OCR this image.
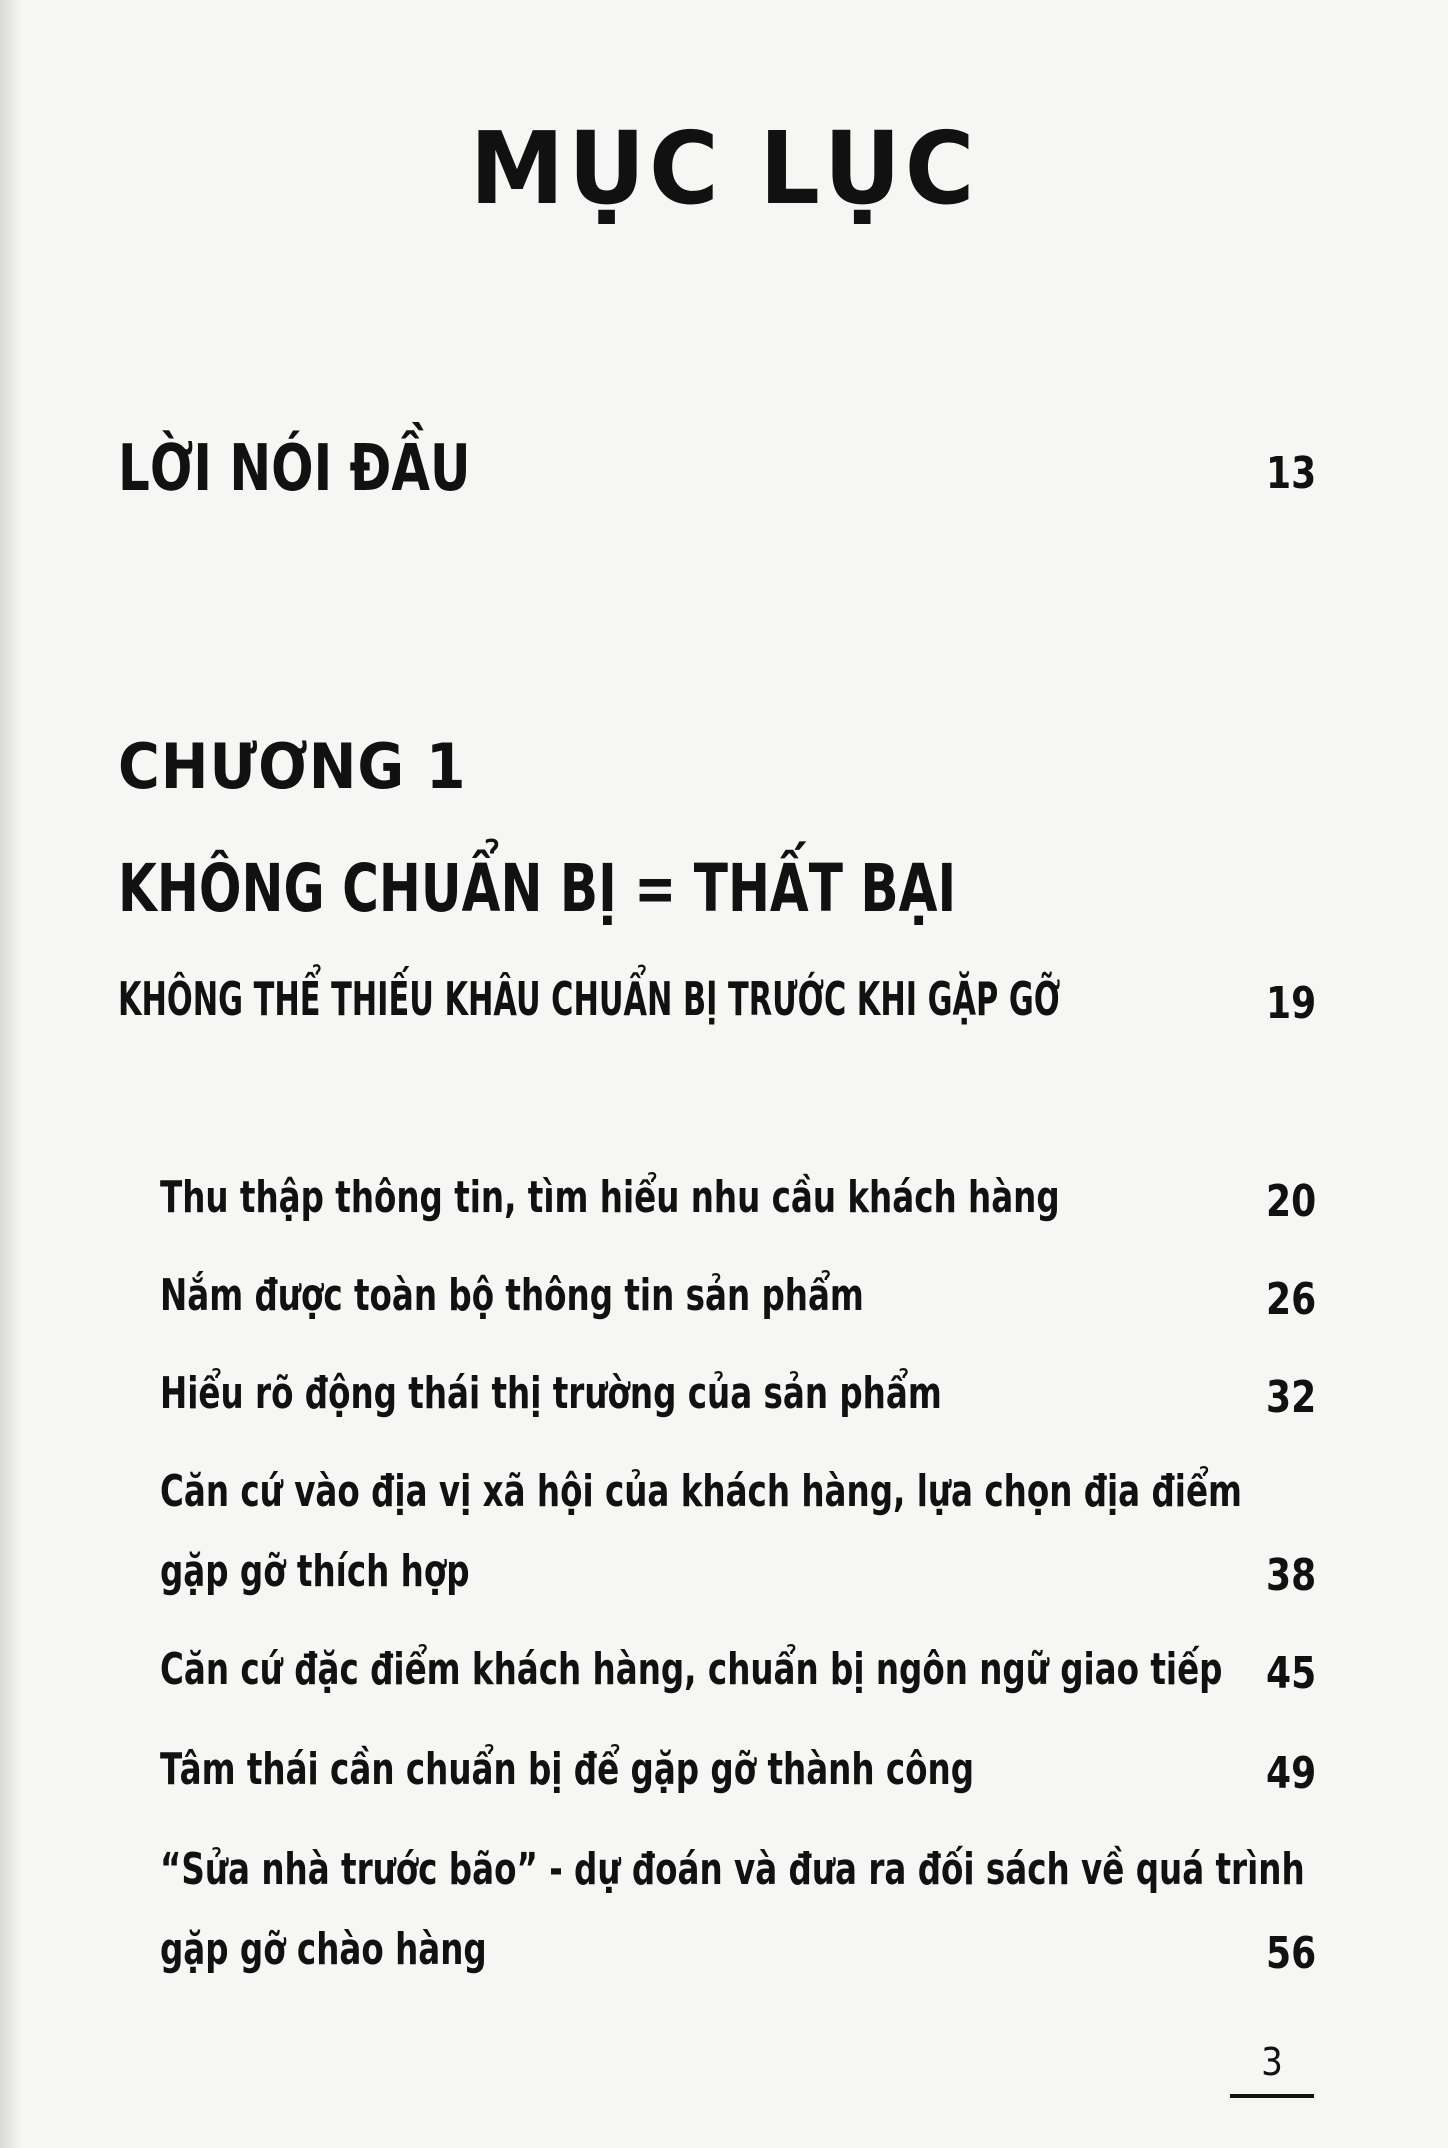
MỤC LỤC
LỜI NÓI ĐẦU	13
CHƯƠNG 1
KHÔNG CHUẨN BỊ = THẤT BẠI
KHÔNG THỂ THIẾU KHÂU CHUẨN BỊ TRƯỚC KHI GẶP GỠ	19
Thu thập thông tin, tìm hiểu nhu cầu khách hàng	20
Nắm được toàn bộ thông tin sản phẩm	26
Hiểu rõ động thái thị trường của sản phẩm	32
Căn cứ vào địa vị xã hội của khách hàng, lựa chọn địa điểm
gặp gỡ thích hợp	38
Căn cứ đặc điểm khách hàng, chuẩn bị ngôn ngữ giao tiếp 45
Tâm thái cần chuẩn bị để gặp gỡ thành công	49
“Sửa nhà trước bão” - dự đoán và đưa ra đối sách về quá trình
gặp gỡ chào hàng	56
3
